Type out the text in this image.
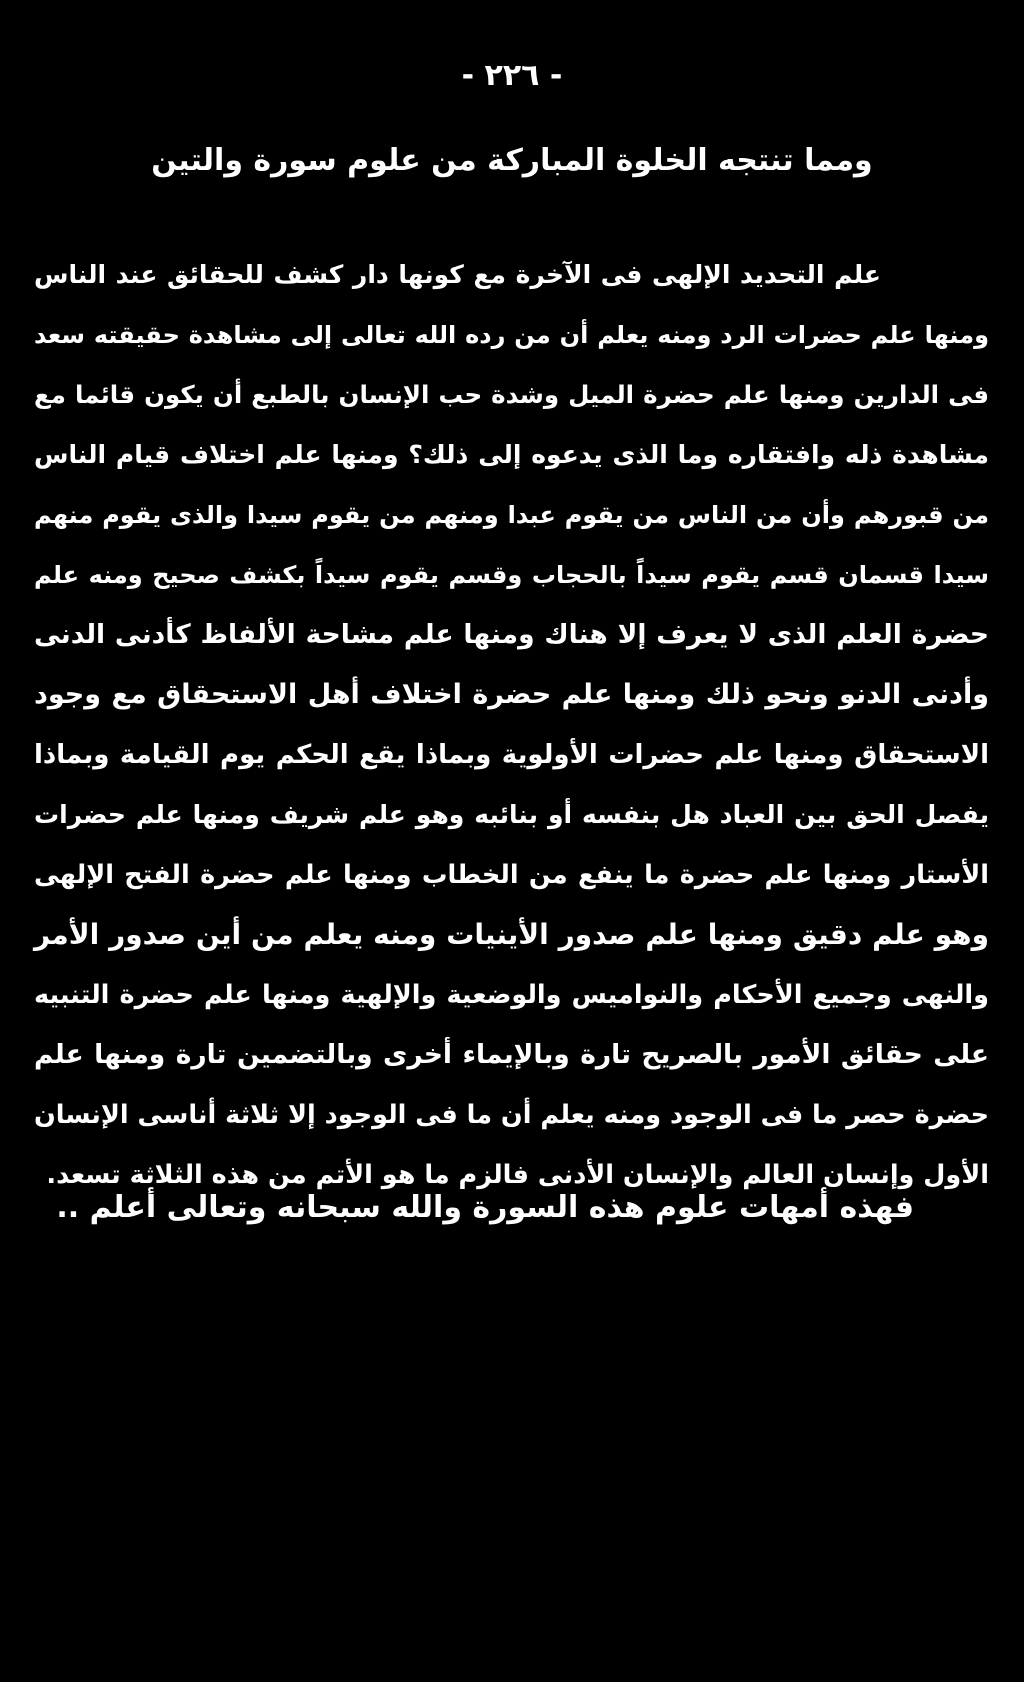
- ٢٢٦ -
ومما تنتجه الخلوة المباركة من علوم سورة والتين
علم التحديد الإلهى فى الآخرة مع كونها دار كشف للحقائق عند الناس
ومنها علم حضرات الرد ومنه يعلم أن من رده الله تعالى إلى مشاهدة حقيقته سعد
فى الدارين ومنها علم حضرة الميل وشدة حب الإنسان بالطبع أن يكون قائما مع
مشاهدة ذله وافتقاره وما الذى يدعوه إلى ذلك؟ ومنها علم اختلاف قيام الناس
من قبورهم وأن من الناس من يقوم عبدا ومنهم من يقوم سيدا والذى يقوم منهم
سيدا قسمان قسم يقوم سيداً بالحجاب وقسم يقوم سيداً بكشف صحيح ومنه علم
حضرة العلم الذى لا يعرف إلا هناك ومنها علم مشاحة الألفاظ كأدنى الدنى
وأدنى الدنو ونحو ذلك ومنها علم حضرة اختلاف أهل الاستحقاق مع وجود
الاستحقاق ومنها علم حضرات الأولوية وبماذا يقع الحكم يوم القيامة وبماذا
يفصل الحق بين العباد هل بنفسه أو بنائبه وهو علم شريف ومنها علم حضرات
الأستار ومنها علم حضرة ما ينفع من الخطاب ومنها علم حضرة الفتح الإلهى
وهو علم دقيق ومنها علم صدور الأينيات ومنه يعلم من أين صدور الأمر
والنهى وجميع الأحكام والنواميس والوضعية والإلهية ومنها علم حضرة التنبيه
على حقائق الأمور بالصريح تارة وبالإيماء أخرى وبالتضمين تارة ومنها علم
حضرة حصر ما فى الوجود ومنه يعلم أن ما فى الوجود إلا ثلاثة أناسى الإنسان
الأول وإنسان العالم والإنسان الأدنى فالزم ما هو الأتم من هذه الثلاثة تسعد.
فهذه أمهات علوم هذه السورة والله سبحانه وتعالى أعلم ..
